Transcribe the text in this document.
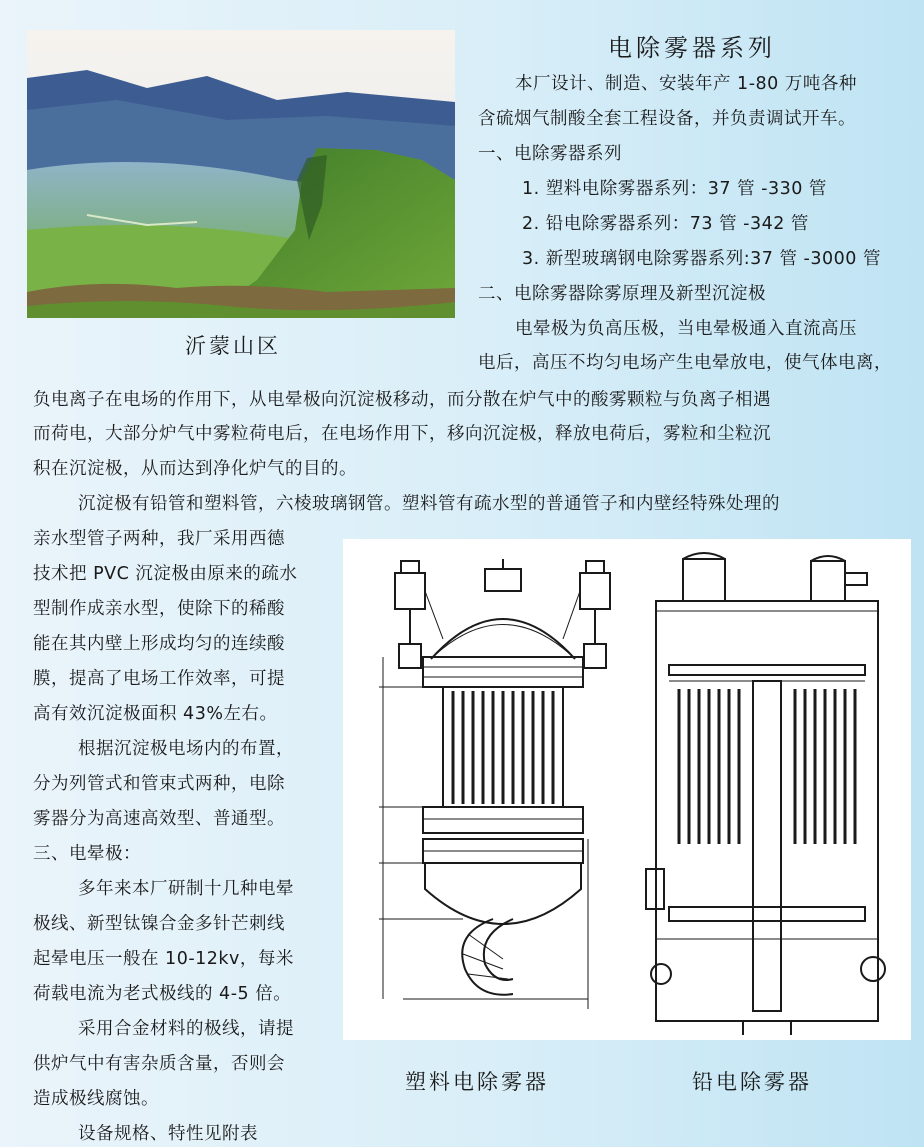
沂蒙山区
电除雾器系列
本厂设计、制造、安装年产 1-80 万吨各种
含硫烟气制酸全套工程设备，并负责调试开车。
一、电除雾器系列
1. 塑料电除雾器系列：37 管 -330 管
2. 铅电除雾器系列：73 管 -342 管
3. 新型玻璃钢电除雾器系列:37 管 -3000 管
二、电除雾器除雾原理及新型沉淀极
电晕极为负高压极，当电晕极通入直流高压
电后，高压不均匀电场产生电晕放电，使气体电离，
负电离子在电场的作用下，从电晕极向沉淀极移动，而分散在炉气中的酸雾颗粒与负离子相遇
而荷电，大部分炉气中雾粒荷电后，在电场作用下，移向沉淀极，释放电荷后，雾粒和尘粒沉
积在沉淀极，从而达到净化炉气的目的。
沉淀极有铅管和塑料管，六棱玻璃钢管。塑料管有疏水型的普通管子和内壁经特殊处理的
亲水型管子两种，我厂采用西德
技术把 PVC 沉淀极由原来的疏水
型制作成亲水型，使除下的稀酸
能在其内壁上形成均匀的连续酸
膜，提高了电场工作效率，可提
高有效沉淀极面积 43%左右。
根据沉淀极电场内的布置，
分为列管式和管束式两种，电除
雾器分为高速高效型、普通型。
三、电晕极：
多年来本厂研制十几种电晕
极线、新型钛镍合金多针芒刺线
起晕电压一般在 10-12kv，每米
荷载电流为老式极线的 4-5 倍。
采用合金材料的极线，请提
供炉气中有害杂质含量，否则会
造成极线腐蚀。
设备规格、特性见附表
塑料电除雾器	铅电除雾器
